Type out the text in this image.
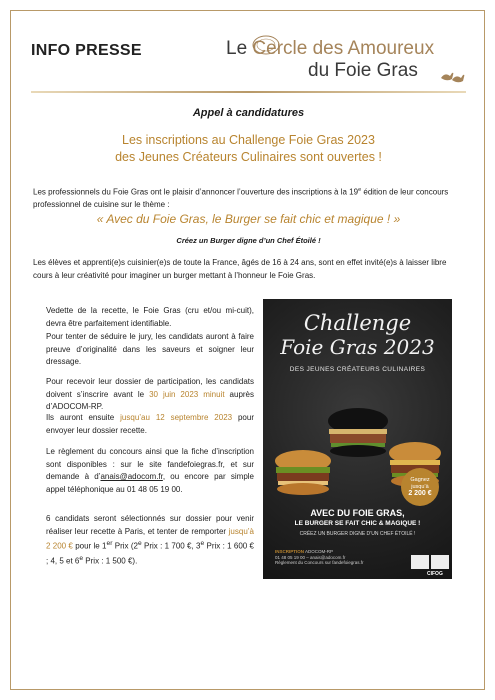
INFO PRESSE	Le Cercle des Amoureux
du Foie Gras
Appel à candidatures
Les inscriptions au Challenge Foie Gras 2023
des Jeunes Créateurs Culinaires sont ouvertes !
Les professionnels du Foie Gras ont le plaisir d’annoncer l’ouverture des inscriptions à la 19e édition de leur concours professionnel de cuisine sur le thème :
« Avec du Foie Gras, le Burger se fait chic et magique ! »
Créez un Burger digne d’un Chef Étoilé !
Les élèves et apprenti(e)s cuisinier(e)s de toute la France, âgés de 16 à 24 ans, sont en effet invité(e)s à laisser libre cours à leur créativité pour imaginer un burger mettant à l’honneur le Foie Gras.
Vedette de la recette, le Foie Gras (cru et/ou mi-cuit), devra être parfaitement identifiable.
Pour tenter de séduire le jury, les candidats auront à faire preuve d’originalité dans les saveurs et soigner leur dressage.
Pour recevoir leur dossier de participation, les candidats doivent s’inscrire avant le 30 juin 2023 minuit auprès d’ADOCOM-RP.
Ils auront ensuite jusqu’au 12 septembre 2023 pour envoyer leur dossier recette.
Le règlement du concours ainsi que la fiche d’inscription sont disponibles : sur le site fandefoiegras.fr, et sur demande à d’anais@adocom.fr, ou encore par simple appel téléphonique au 01 48 05 19 00.
6 candidats seront sélectionnés sur dossier pour venir réaliser leur recette à Paris, et tenter de remporter jusqu’à 2 200 € pour le 1er Prix (2e Prix : 1 700 €, 3e Prix : 1 600 € ; 4, 5 et 6e Prix : 1 500 €).
Challenge
Foie Gras 2023
DES JEUNES CRÉATEURS CULINAIRES
Gagnez
jusqu’à
2 200 €
AVEC DU FOIE GRAS,
LE BURGER SE FAIT CHIC & MAGIQUE !
CRÉEZ UN BURGER DIGNE D’UN CHEF ÉTOILÉ !
INSCRIPTION ADOCOM-RP
01 48 05 19 00 – anais@adocom.fr
Règlement du Concours sur fandefoiegras.fr
CIFOG
